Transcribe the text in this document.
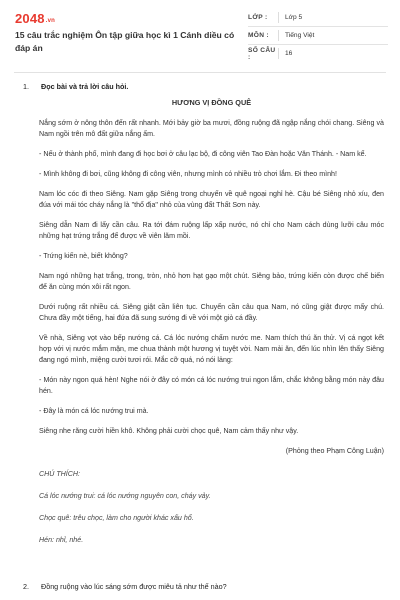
2048.vn
15 câu trắc nghiệm Ôn tập giữa học kì 1 Cánh diều có đáp án
LỚP :	Lớp 5
MÔN :	Tiếng Việt
SỐ CÂU :	16
1. Đọc bài và trả lời câu hỏi.

HƯƠNG VỊ ĐỒNG QUÊ

Nắng sớm ở nông thôn đến rất nhanh. Mới bảy giờ ba mươi, đồng ruộng đã ngập nắng chói chang. Siêng và Nam ngồi trên mô đất giữa nắng ấm.

- Nếu ở thành phố, mình đang đi học bơi ở câu lạc bộ, đi công viên Tao Đàn hoặc Văn Thánh. - Nam kể.

- Mình không đi bơi, cũng không đi công viên, nhưng mình có nhiều trò chơi lắm. Đi theo mình!

Nam lóc cóc đi theo Siêng. Nam gặp Siêng trong chuyến về quê ngoại nghỉ hè. Cậu bé Siêng nhỏ xíu, đen đúa với mái tóc cháy nắng là "thổ địa" nhỏ của vùng đất Thất Sơn này.

Siêng dẫn Nam đi lấy cần câu. Ra tới đám ruộng lấp xấp nước, nó chỉ cho Nam cách dùng lưỡi câu móc những hạt trứng trắng để được về viên lăm mồi.

- Trứng kiến nè, biết không?

Nam ngó những hạt trắng, trong, tròn, nhỏ hơn hạt gạo một chút. Siêng bảo, trứng kiến còn được chế biến để ăn cùng món xôi rất ngon.

Dưới ruộng rất nhiều cá. Siêng giật cần liên tục. Chuyến cần câu qua Nam, nó cũng giật được mấy chú. Chưa đầy một tiếng, hai đứa đã sung sướng đi về với một giỏ cá đầy.

Về nhà, Siêng vọt vào bếp nướng cá. Cá lóc nướng chấm nước me. Nam thích thú ăn thử. Vị cá ngọt kết hợp với vị nước mắm mặn, me chua thành một hương vị tuyệt vời. Nam mải ăn, đến lúc nhìn lên thấy Siêng đang ngó mình, miệng cười tươi rói. Mắc cỡ quá, nó nói lảng:

- Món này ngon quá hèn! Nghe nói ở đây có món cá lóc nướng trui ngon lắm, chắc không bằng món này đâu hén.

- Đây là món cá lóc nướng trui mà.

Siêng nhe răng cười hiền khô. Không phải cười chọc quê, Nam cảm thấy như vậy.

(Phỏng theo Phạm Công Luận)

CHÚ THÍCH:

Cá lóc nướng trui: cá lóc nướng nguyên con, cháy vảy.

Chọc quê: trêu chọc, làm cho người khác xấu hổ.

Hén: nhỉ, nhé.

2. Đồng ruộng vào lúc sáng sớm được miêu tả như thế nào?
